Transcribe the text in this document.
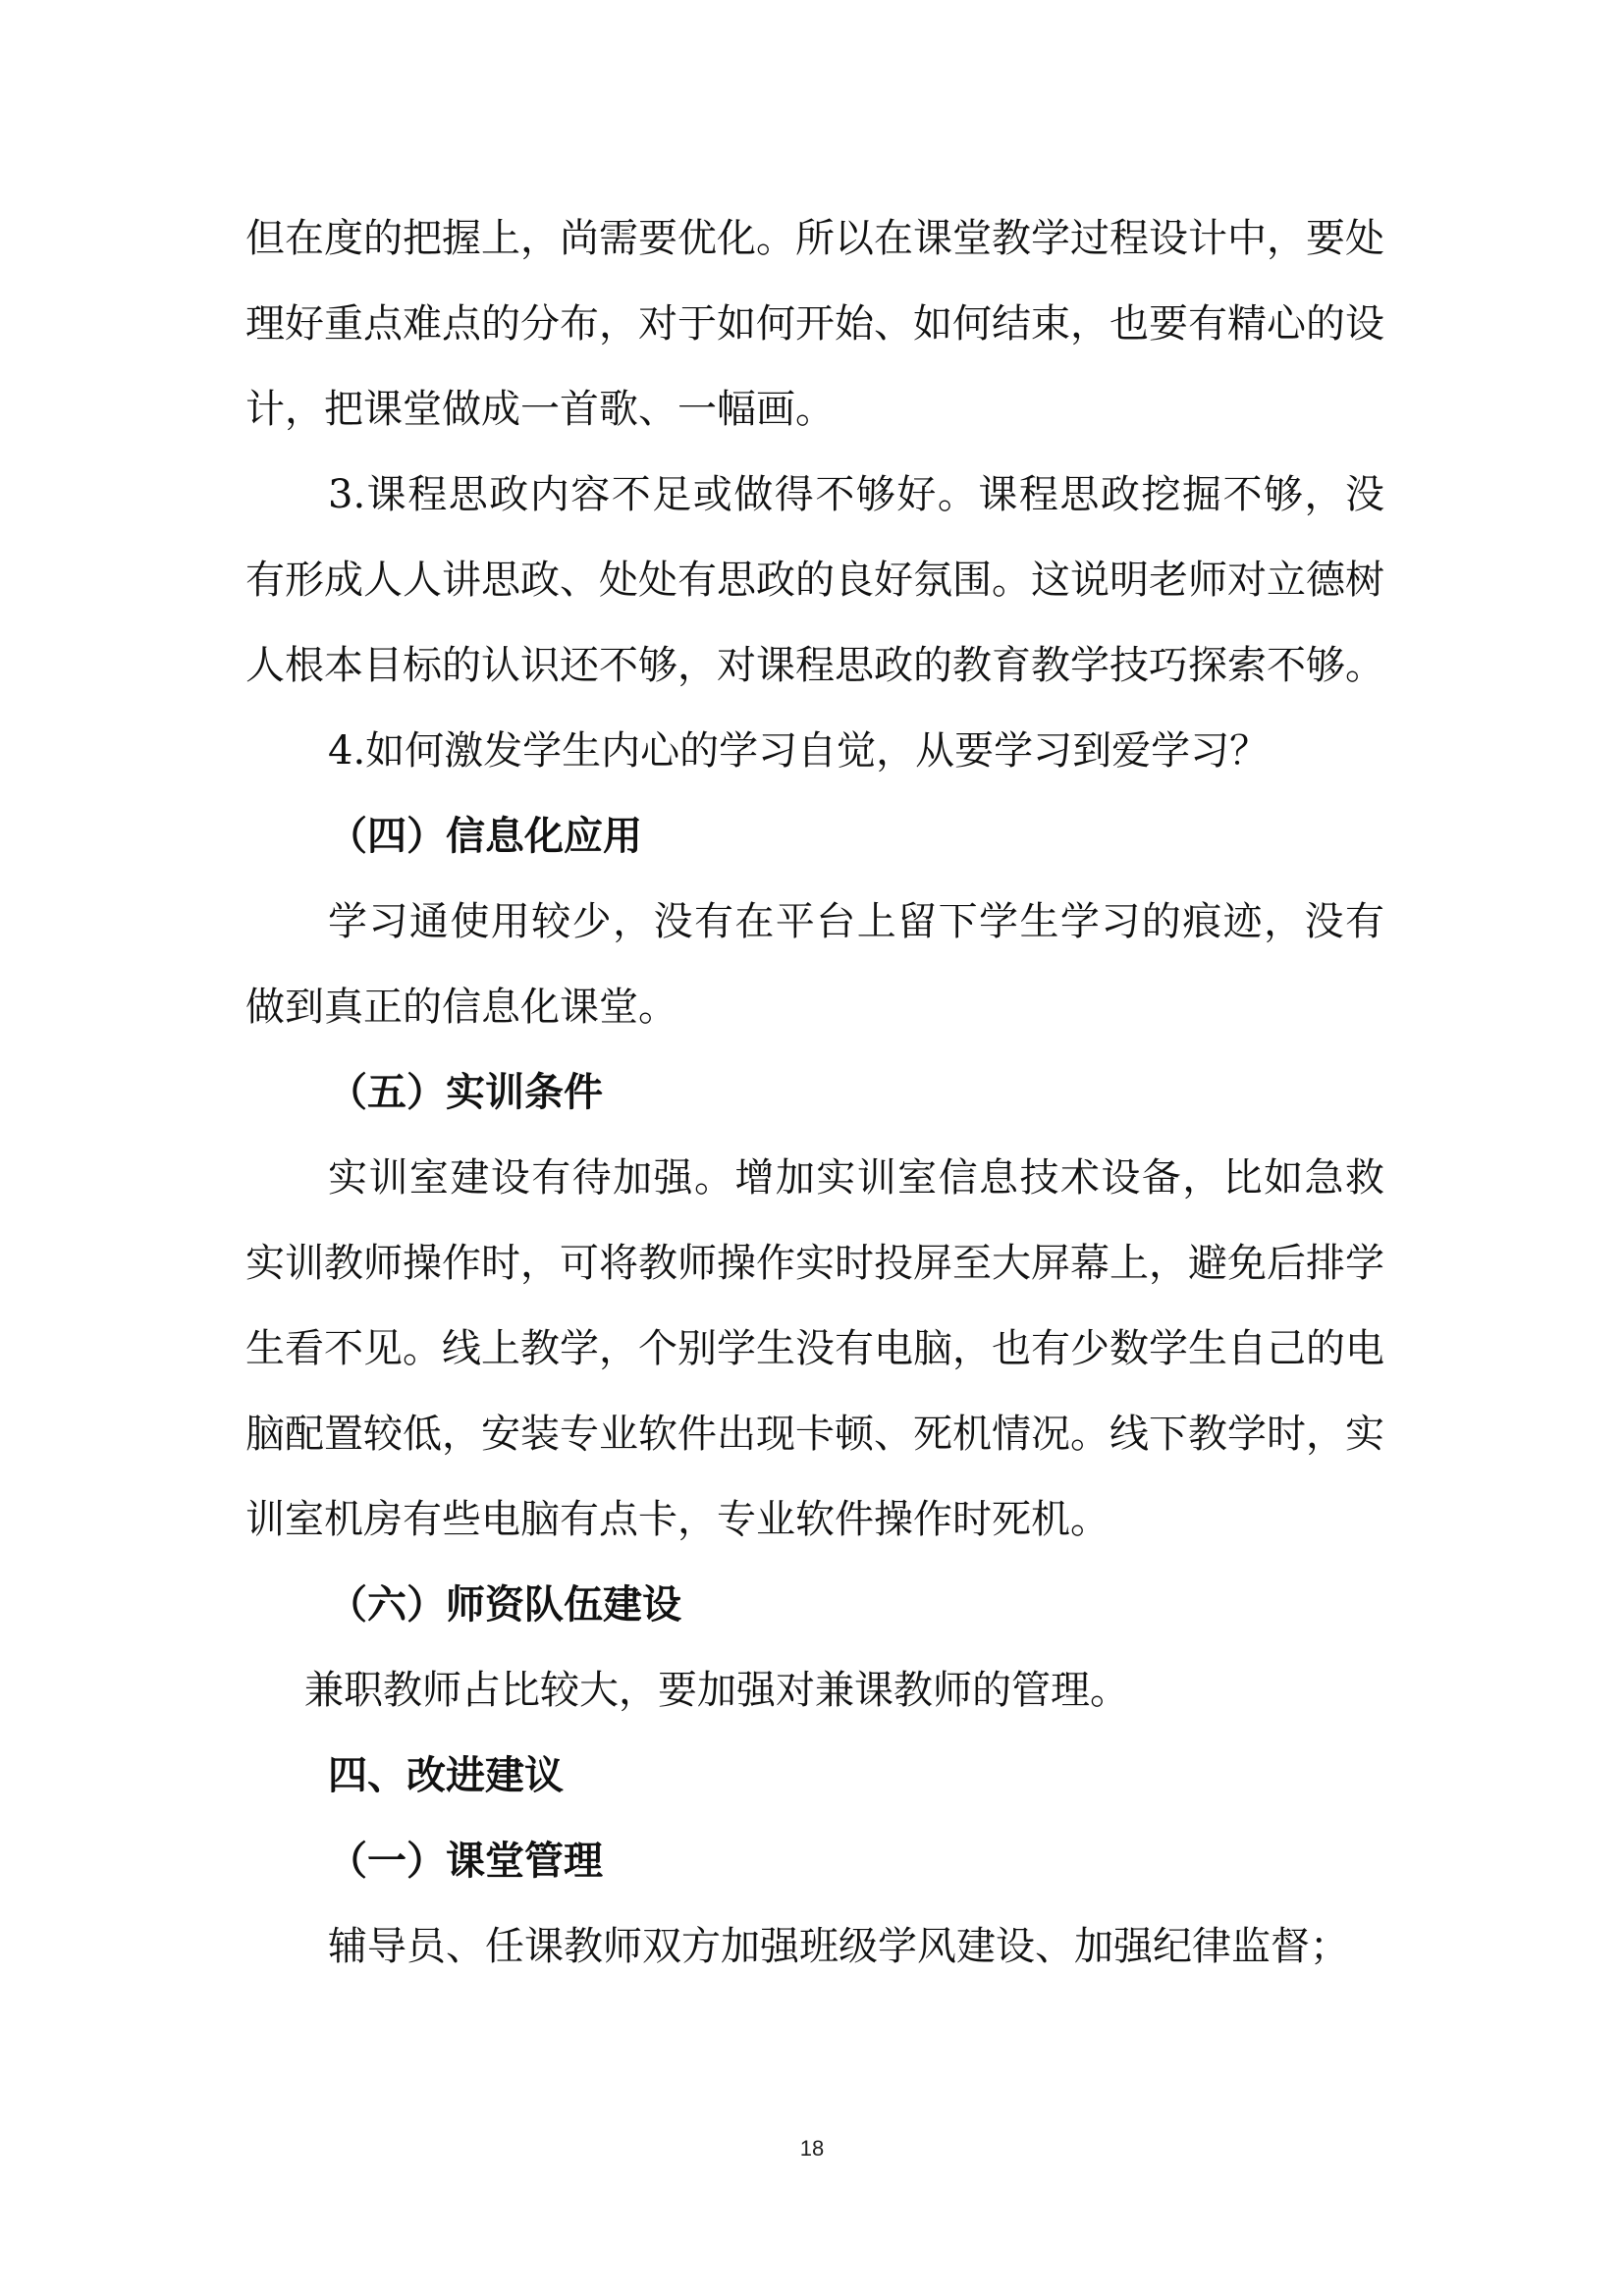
但在度的把握上，尚需要优化。所以在课堂教学过程设计中，要处理好重点难点的分布，对于如何开始、如何结束，也要有精心的设计，把课堂做成一首歌、一幅画。

3.课程思政内容不足或做得不够好。课程思政挖掘不够，没有形成人人讲思政、处处有思政的良好氛围。这说明老师对立德树人根本目标的认识还不够，对课程思政的教育教学技巧探索不够。

4.如何激发学生内心的学习自觉，从要学习到爱学习？

（四）信息化应用

学习通使用较少，没有在平台上留下学生学习的痕迹，没有做到真正的信息化课堂。

（五）实训条件

实训室建设有待加强。增加实训室信息技术设备，比如急救实训教师操作时，可将教师操作实时投屏至大屏幕上，避免后排学生看不见。线上教学，个别学生没有电脑，也有少数学生自己的电脑配置较低，安装专业软件出现卡顿、死机情况。线下教学时，实训室机房有些电脑有点卡，专业软件操作时死机。

（六）师资队伍建设

兼职教师占比较大，要加强对兼课教师的管理。

四、改进建议

（一）课堂管理

辅导员、任课教师双方加强班级学风建设、加强纪律监督；

18
